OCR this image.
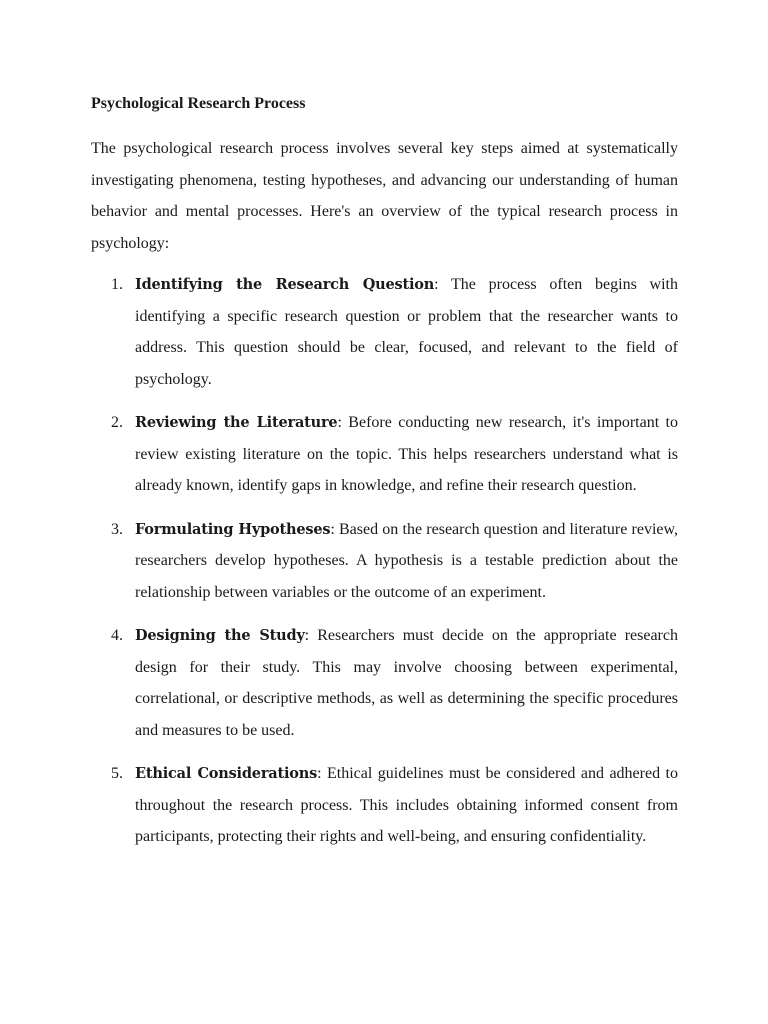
Psychological Research Process

The psychological research process involves several key steps aimed at systematically investigating phenomena, testing hypotheses, and advancing our understanding of human behavior and mental processes. Here's an overview of the typical research process in psychology:

1. Identifying the Research Question: The process often begins with identifying a specific research question or problem that the researcher wants to address. This question should be clear, focused, and relevant to the field of psychology.
2. Reviewing the Literature: Before conducting new research, it's important to review existing literature on the topic. This helps researchers understand what is already known, identify gaps in knowledge, and refine their research question.
3. Formulating Hypotheses: Based on the research question and literature review, researchers develop hypotheses. A hypothesis is a testable prediction about the relationship between variables or the outcome of an experiment.
4. Designing the Study: Researchers must decide on the appropriate research design for their study. This may involve choosing between experimental, correlational, or descriptive methods, as well as determining the specific procedures and measures to be used.
5. Ethical Considerations: Ethical guidelines must be considered and adhered to throughout the research process. This includes obtaining informed consent from participants, protecting their rights and well-being, and ensuring confidentiality.
